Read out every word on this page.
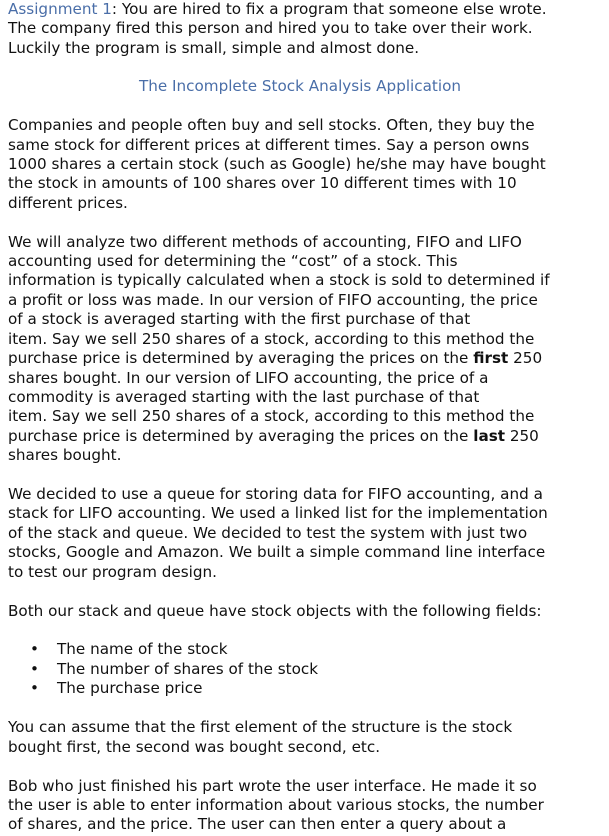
Assignment 1: You are hired to fix a program that someone else wrote.
The company fired this person and hired you to take over their work.
Luckily the program is small, simple and almost done.
The Incomplete Stock Analysis Application
Companies and people often buy and sell stocks. Often, they buy the
same stock for different prices at different times. Say a person owns
1000 shares a certain stock (such as Google) he/she may have bought
the stock in amounts of 100 shares over 10 different times with 10
different prices.
We will analyze two different methods of accounting, FIFO and LIFO
accounting used for determining the “cost” of a stock. This
information is typically calculated when a stock is sold to determined if
a profit or loss was made. In our version of FIFO accounting, the price
of a stock is averaged starting with the first purchase of that
item. Say we sell 250 shares of a stock, according to this method the
purchase price is determined by averaging the prices on the first 250
shares bought. In our version of LIFO accounting, the price of a
commodity is averaged starting with the last purchase of that
item. Say we sell 250 shares of a stock, according to this method the
purchase price is determined by averaging the prices on the last 250
shares bought.
We decided to use a queue for storing data for FIFO accounting, and a
stack for LIFO accounting. We used a linked list for the implementation
of the stack and queue. We decided to test the system with just two
stocks, Google and Amazon. We built a simple command line interface
to test our program design.
Both our stack and queue have stock objects with the following fields:
• The name of the stock
• The number of shares of the stock
• The purchase price
You can assume that the first element of the structure is the stock
bought first, the second was bought second, etc.
Bob who just finished his part wrote the user interface. He made it so
the user is able to enter information about various stocks, the number
of shares, and the price. The user can then enter a query about a
